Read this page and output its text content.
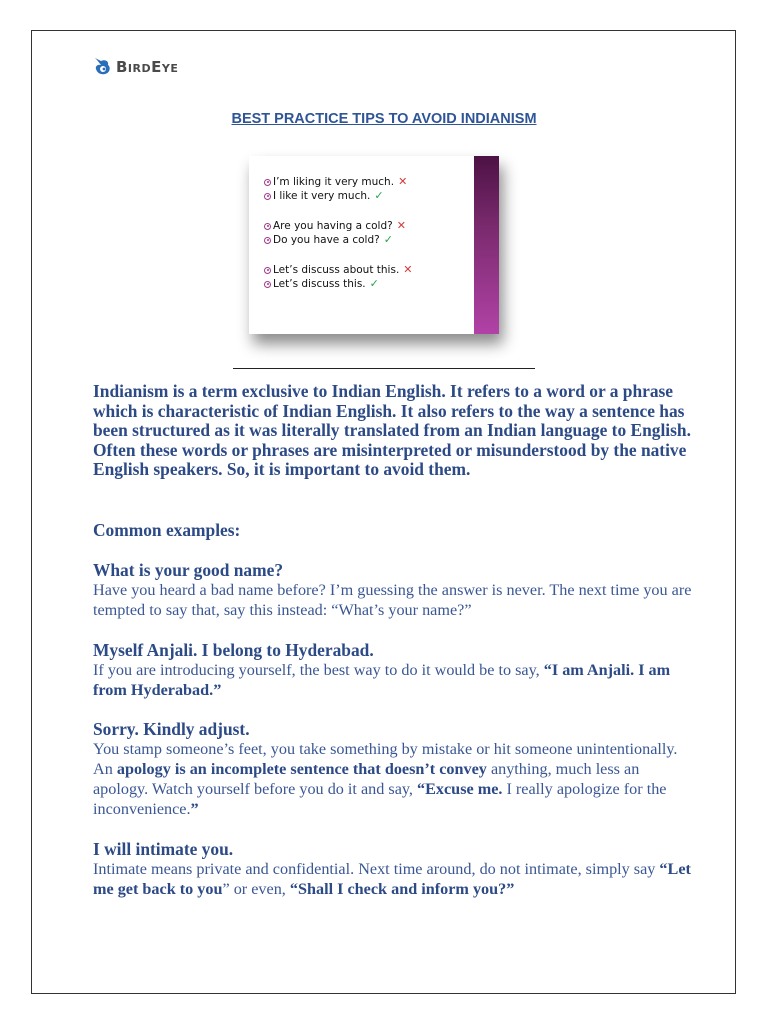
BirdEye
BEST PRACTICE TIPS TO AVOID INDIANISM
I’m liking it very much. ✕
I like it very much. ✓
Are you having a cold? ✕
Do you have a cold? ✓
Let’s discuss about this. ✕
Let’s discuss this. ✓
Indianism is a term exclusive to Indian English. It refers to a word or a phrase which is characteristic of Indian English. It also refers to the way a sentence has been structured as it was literally translated from an Indian language to English. Often these words or phrases are misinterpreted or misunderstood by the native English speakers. So, it is important to avoid them.
Common examples:
What is your good name?
Have you heard a bad name before? I’m guessing the answer is never. The next time you are tempted to say that, say this instead: “What’s your name?”
Myself Anjali. I belong to Hyderabad.
If you are introducing yourself, the best way to do it would be to say, “I am Anjali. I am from Hyderabad.”
Sorry. Kindly adjust.
You stamp someone’s feet, you take something by mistake or hit someone unintentionally. An apology is an incomplete sentence that doesn’t convey anything, much less an apology. Watch yourself before you do it and say, “Excuse me. I really apologize for the inconvenience.”
I will intimate you.
Intimate means private and confidential. Next time around, do not intimate, simply say “Let me get back to you” or even, “Shall I check and inform you?”
